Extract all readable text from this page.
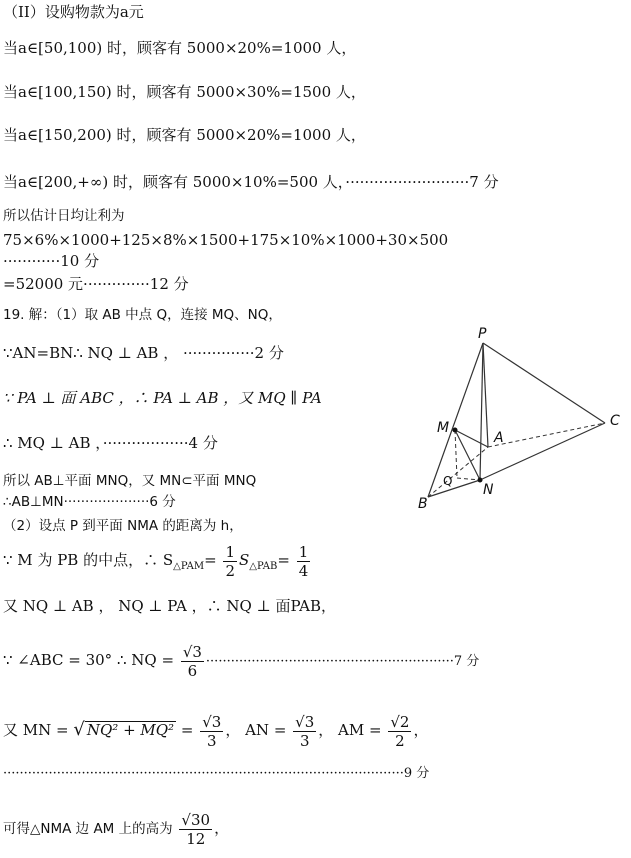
（II）设购物款为a元
当a∈[50,100) 时，顾客有 5000×20%=1000 人，
当a∈[100,150) 时，顾客有 5000×30%=1500 人，
当a∈[150,200) 时，顾客有 5000×20%=1000 人，
当a∈[200,+∞) 时，顾客有 5000×10%=500 人，··························7 分
所以估计日均让利为
75×6%×1000+125×8%×1500+175×10%×1000+30×500
············10 分
=52000 元··············12 分
19. 解：（1）取 AB 中点 Q，连接 MQ、NQ，
∵AN=BN∴ NQ ⊥ AB ， ···············2 分
∵ PA ⊥ 面 ABC ，∴ PA ⊥ AB ，又 MQ ∥ PA
∴ MQ ⊥ AB ，··················4 分
所以 AB⊥平面 MNQ，又 MN⊂平面 MNQ
∴AB⊥MN····················6 分
（2）设点 P 到平面 NMA 的距离为 h，
∵ M 为 PB 的中点，∴ $S_{\triangle PAM}= \frac{1}{2} S_{\triangle PAB}= \frac{1}{4}$
又 NQ ⊥ AB ， NQ ⊥ PA ，∴ NQ ⊥ 面PAB，
∵ ∠ABC = 30° ∴ NQ = $\frac{√3}{6} \cdot\cdot\cdot\cdot\cdot\cdot\cdot\cdot\cdot\cdot\cdot\cdot\cdot\cdot\cdot\cdot\cdot\cdot\cdot\cdot\cdot\cdot\cdot\cdot\cdot\cdot\cdot\cdot\cdot\cdot\cdot\cdot\cdot\cdot\cdot\cdot\cdot\cdot\cdot\cdot\cdot\cdot\cdot\cdot\cdot\cdot\cdot\cdot\cdot\cdot\cdot\cdot\cdot\cdot\cdot\cdot\cdot\cdot\cdot\cdot 7$ 分
又 MN = √ $NQ^2 + MQ^2 = \frac{√3}{3}$ ， AN = $\frac{√3}{3}$ ， AM = $\frac{√2}{2}$ ，
·································································································9 分
可得△NMA 边 AM 上的高为 $\frac{√30}{12}$ ，
P
C
M
A
Q
N
B
